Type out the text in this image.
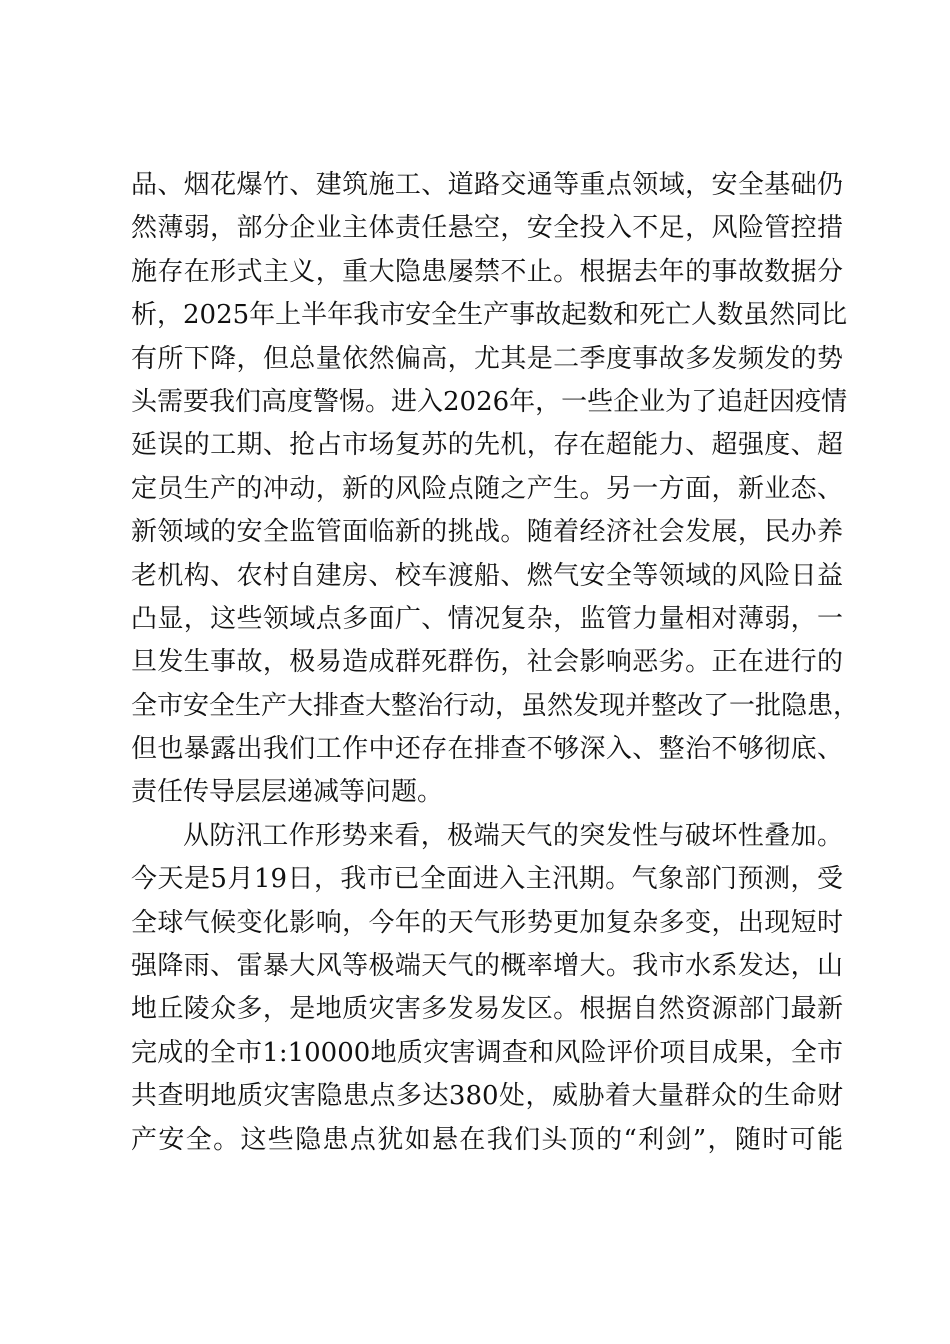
品、烟花爆竹、建筑施工、道路交通等重点领域，安全基础仍
然薄弱，部分企业主体责任悬空，安全投入不足，风险管控措
施存在形式主义，重大隐患屡禁不止。根据去年的事故数据分
析，2025年上半年我市安全生产事故起数和死亡人数虽然同比
有所下降，但总量依然偏高，尤其是二季度事故多发频发的势
头需要我们高度警惕。进入2026年，一些企业为了追赶因疫情
延误的工期、抢占市场复苏的先机，存在超能力、超强度、超
定员生产的冲动，新的风险点随之产生。另一方面，新业态、
新领域的安全监管面临新的挑战。随着经济社会发展，民办养
老机构、农村自建房、校车渡船、燃气安全等领域的风险日益
凸显，这些领域点多面广、情况复杂，监管力量相对薄弱，一
旦发生事故，极易造成群死群伤，社会影响恶劣。正在进行的
全市安全生产大排查大整治行动，虽然发现并整改了一批隐患，
但也暴露出我们工作中还存在排查不够深入、整治不够彻底、
责任传导层层递减等问题。
从防汛工作形势来看，极端天气的突发性与破坏性叠加。
今天是5月19日，我市已全面进入主汛期。气象部门预测，受
全球气候变化影响，今年的天气形势更加复杂多变，出现短时
强降雨、雷暴大风等极端天气的概率增大。我市水系发达，山
地丘陵众多，是地质灾害多发易发区。根据自然资源部门最新
完成的全市1:10000地质灾害调查和风险评价项目成果，全市
共查明地质灾害隐患点多达380处，威胁着大量群众的生命财
产安全。这些隐患点犹如悬在我们头顶的“利剑”，随时可能
